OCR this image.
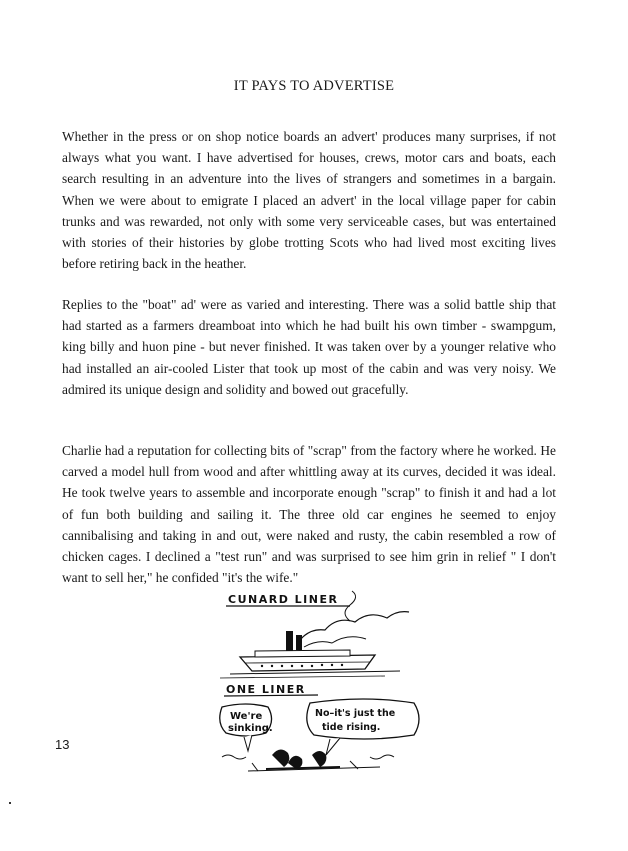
IT PAYS TO ADVERTISE

Whether in the press or on shop notice boards an advert' produces many surprises, if not always what you want. I have advertised for houses, crews, motor cars and boats, each search resulting in an adventure into the lives of strangers and sometimes in a bargain. When we were about to emigrate I placed an advert' in the local village paper for cabin trunks and was rewarded, not only with some very serviceable cases, but was entertained with stories of their histories by globe trotting Scots who had lived most exciting lives before retiring back in the heather.

Replies to the "boat" ad' were as varied and interesting. There was a solid battle ship that had started as a farmers dreamboat into which he had built his own timber - swampgum, king billy and huon pine - but never finished. It was taken over by a younger relative who had installed an air-cooled Lister that took up most of the cabin and was very noisy. We admired its unique design and solidity and bowed out gracefully.

Charlie had a reputation for collecting bits of "scrap" from the factory where he worked. He carved a model hull from wood and after whittling away at its curves, decided it was ideal. He took twelve years to assemble and incorporate enough "scrap" to finish it and had a lot of fun both building and sailing it. The three old car engines he seemed to enjoy cannibalising and taking in and out, were naked and rusty, the cabin resembled a row of chicken cages. I declined a "test run" and was surprised to see him grin in relief " I don't want to sell her," he confided "it's the wife."

CUNARD LINER
ONE LINER
We're
sinking.
No–it's just the
tide rising.
13
